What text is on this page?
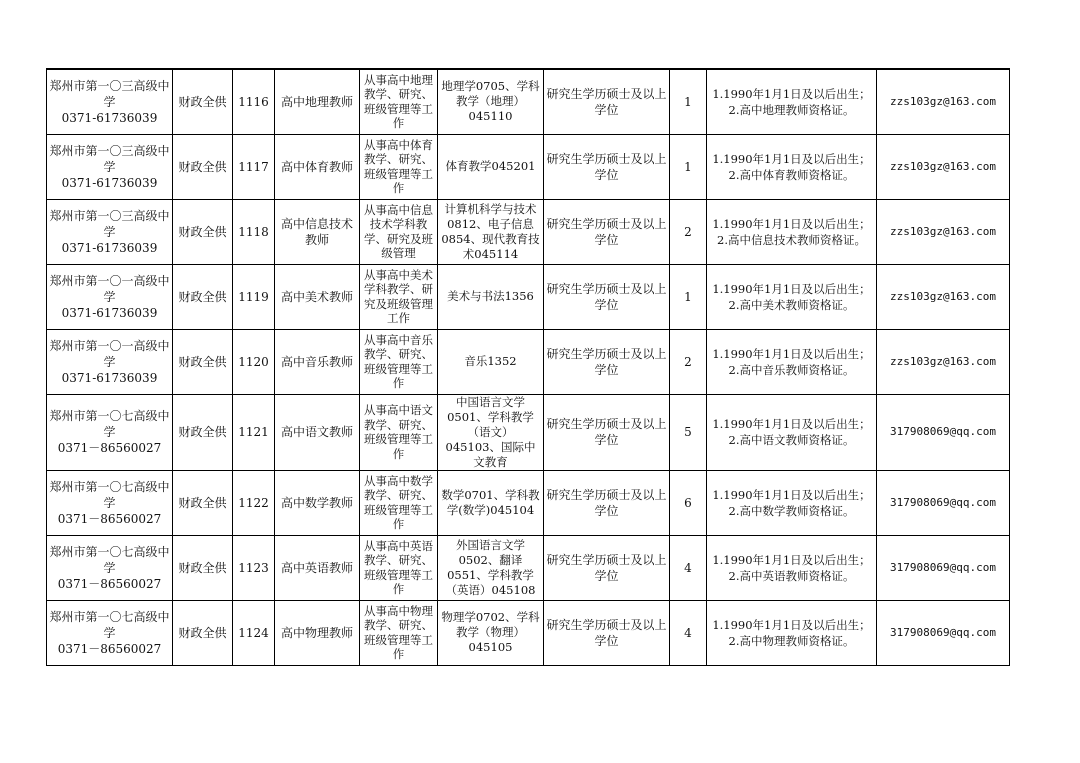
郑州市第一〇三高级中学
0371-61736039	财政全供	1116	高中地理教师	从事高中地理教学、研究、班级管理等工作	地理学0705、学科教学（地理）045110	研究生学历硕士及以上学位	1	1.1990年1月1日及以后出生；
2.高中地理教师资格证。	zzs103gz@163.com
郑州市第一〇三高级中学
0371-61736039	财政全供	1117	高中体育教师	从事高中体育教学、研究、班级管理等工作	体育教学045201	研究生学历硕士及以上学位	1	1.1990年1月1日及以后出生；
2.高中体育教师资格证。	zzs103gz@163.com
郑州市第一〇三高级中学
0371-61736039	财政全供	1118	高中信息技术教师	从事高中信息技术学科教学、研究及班级管理	计算机科学与技术0812、电子信息0854、现代教育技术045114	研究生学历硕士及以上学位	2	1.1990年1月1日及以后出生；
2.高中信息技术教师资格证。	zzs103gz@163.com
郑州市第一〇一高级中学
0371-61736039	财政全供	1119	高中美术教师	从事高中美术学科教学、研究及班级管理工作	美术与书法1356	研究生学历硕士及以上学位	1	1.1990年1月1日及以后出生；
2.高中美术教师资格证。	zzs103gz@163.com
郑州市第一〇一高级中学
0371-61736039	财政全供	1120	高中音乐教师	从事高中音乐教学、研究、班级管理等工作	音乐1352	研究生学历硕士及以上学位	2	1.1990年1月1日及以后出生；
2.高中音乐教师资格证。	zzs103gz@163.com
郑州市第一〇七高级中学
0371－86560027	财政全供	1121	高中语文教师	从事高中语文教学、研究、班级管理等工作	中国语言文学0501、学科教学（语文）045103、国际中文教育	研究生学历硕士及以上学位	5	1.1990年1月1日及以后出生；
2.高中语文教师资格证。	317908069@qq.com
郑州市第一〇七高级中学
0371－86560027	财政全供	1122	高中数学教师	从事高中数学教学、研究、班级管理等工作	数学0701、学科教学(数学)045104	研究生学历硕士及以上学位	6	1.1990年1月1日及以后出生；
2.高中数学教师资格证。	317908069@qq.com
郑州市第一〇七高级中学
0371－86560027	财政全供	1123	高中英语教师	从事高中英语教学、研究、班级管理等工作	外国语言文学0502、翻译0551、学科教学（英语）045108	研究生学历硕士及以上学位	4	1.1990年1月1日及以后出生；
2.高中英语教师资格证。	317908069@qq.com
郑州市第一〇七高级中学
0371－86560027	财政全供	1124	高中物理教师	从事高中物理教学、研究、班级管理等工作	物理学0702、学科教学（物理）045105	研究生学历硕士及以上学位	4	1.1990年1月1日及以后出生；
2.高中物理教师资格证。	317908069@qq.com
